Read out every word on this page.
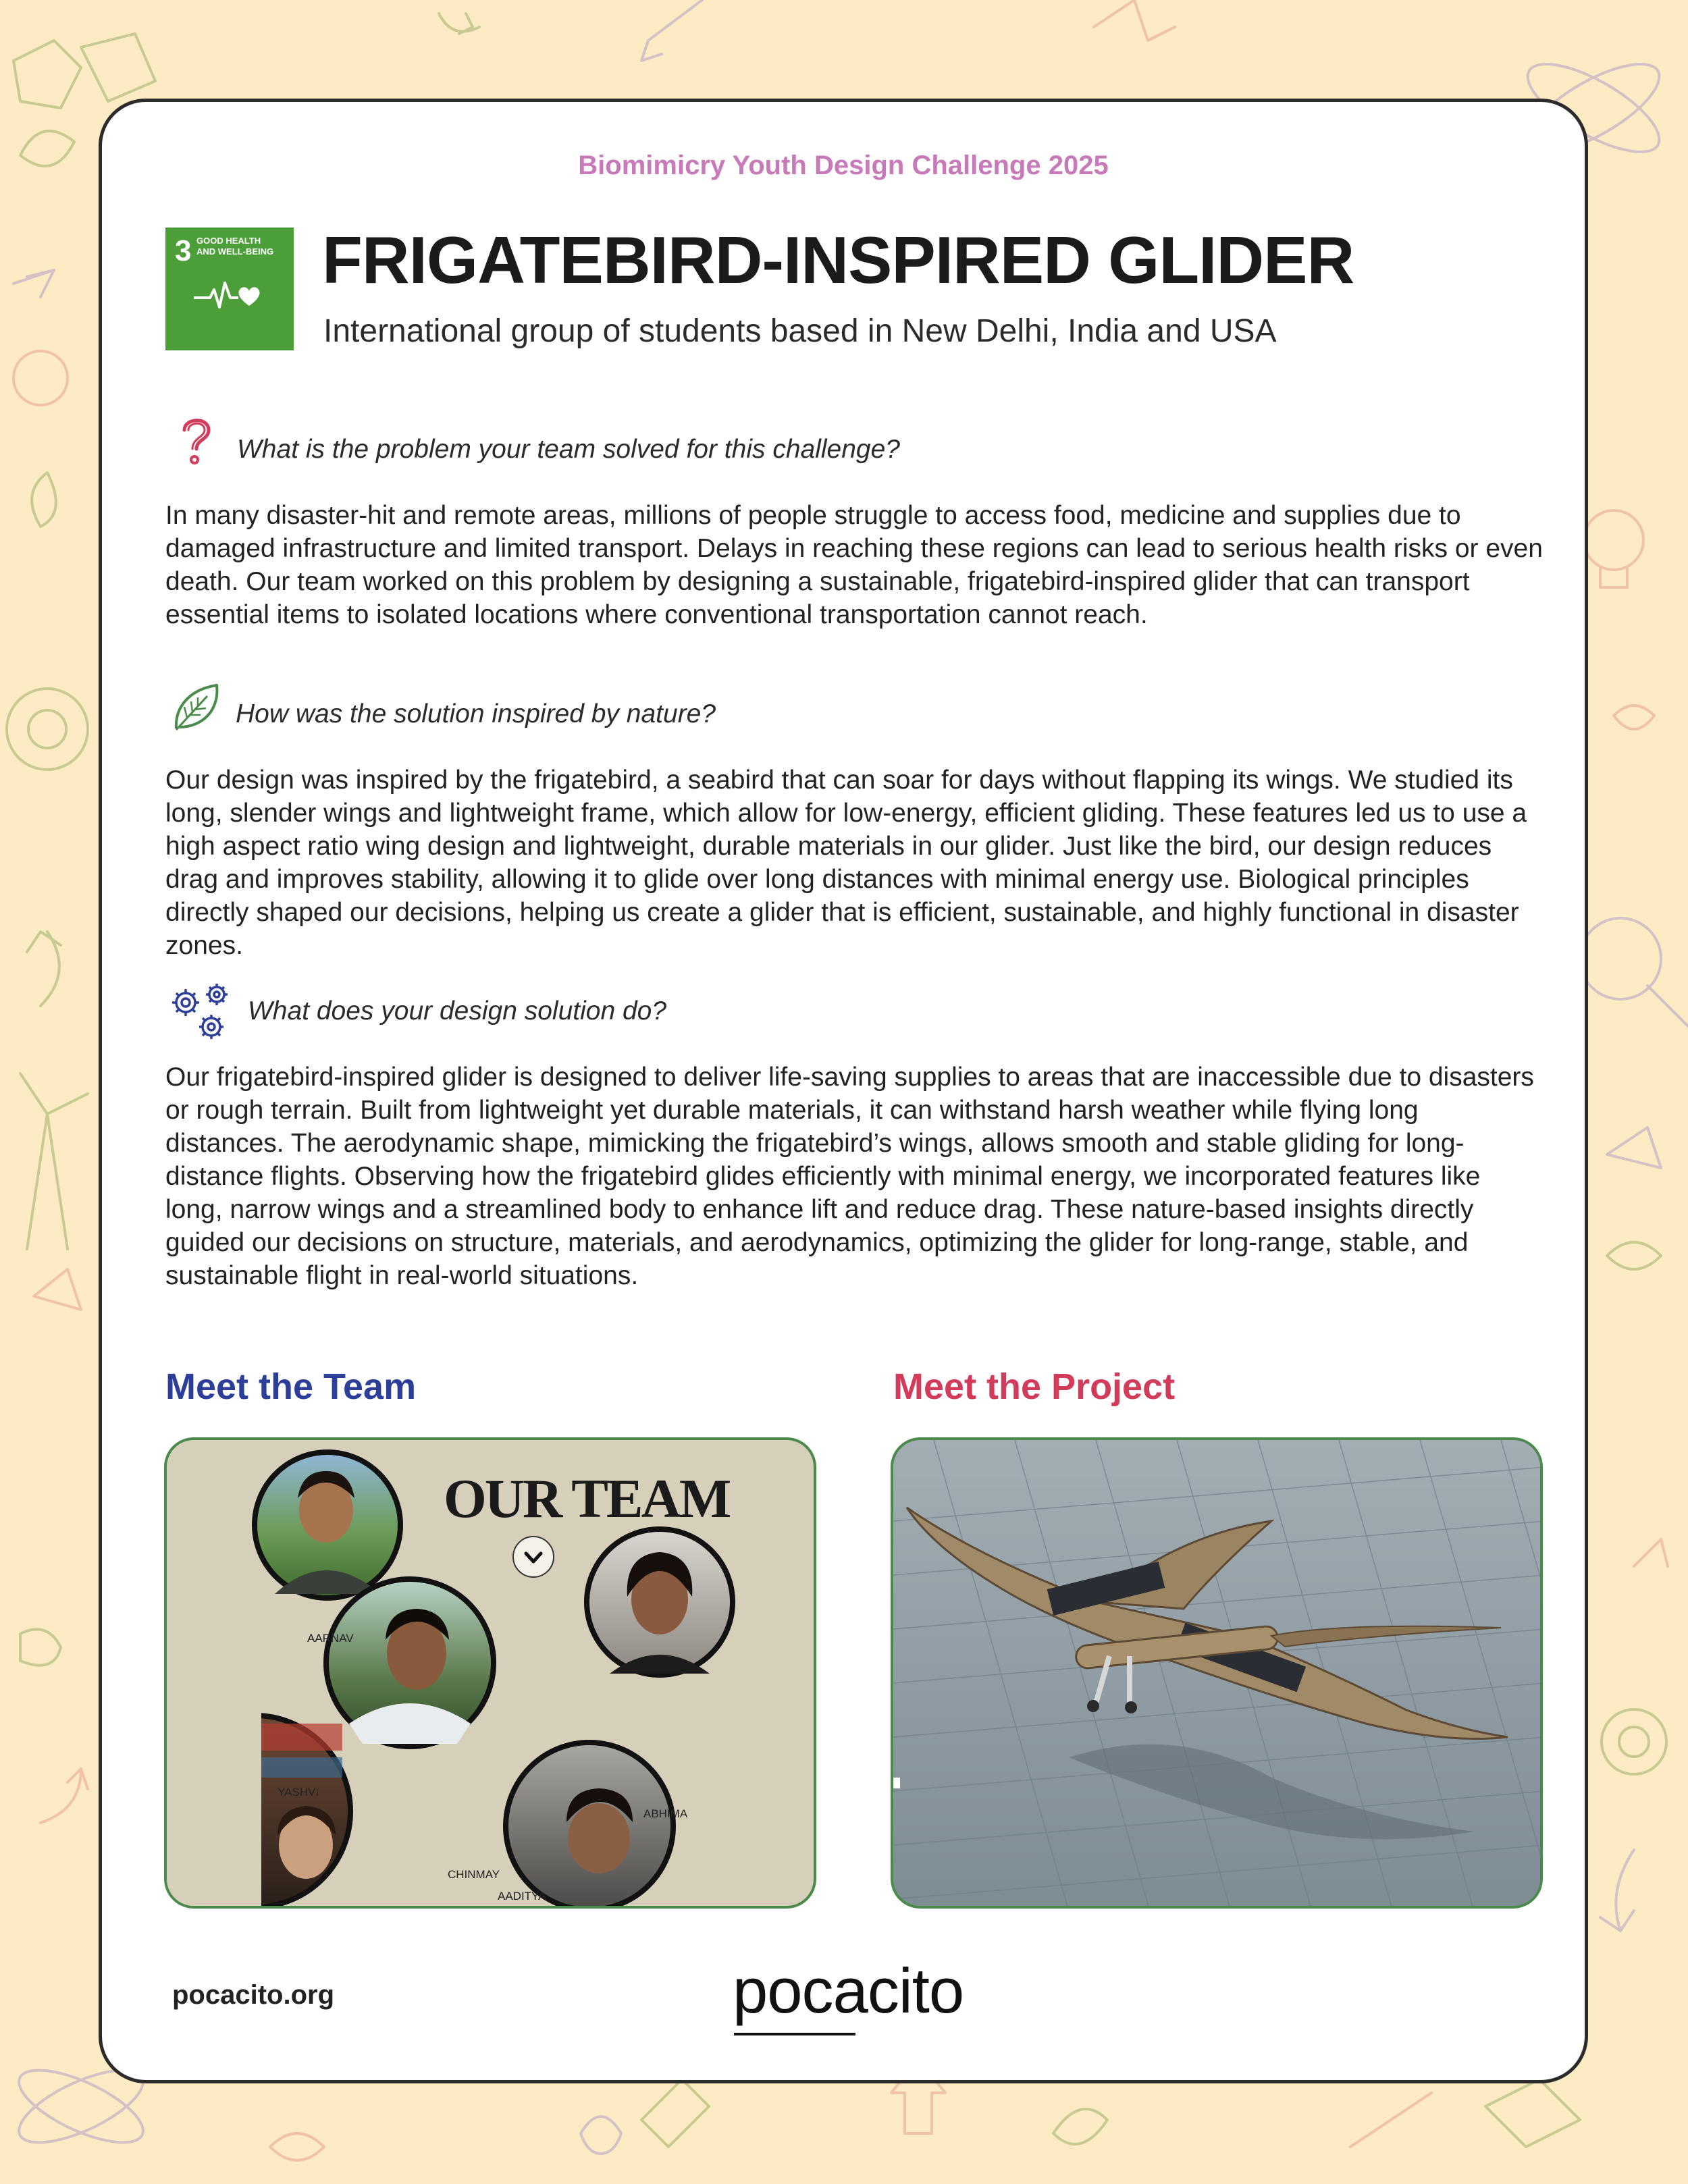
Biomimicry Youth Design Challenge 2025
3 GOOD HEALTH
AND WELL-BEING FRIGATEBIRD-INSPIRED GLIDER
International group of students based in New Delhi, India and USA
What is the problem your team solved for this challenge?
In many disaster-hit and remote areas, millions of people struggle to access food, medicine and supplies due to damaged infrastructure and limited transport. Delays in reaching these regions can lead to serious health risks or even death. Our team worked on this problem by designing a sustainable, frigatebird-inspired glider that can transport essential items to isolated locations where conventional transportation cannot reach.
How was the solution inspired by nature?
Our design was inspired by the frigatebird, a seabird that can soar for days without flapping its wings. We studied its long, slender wings and lightweight frame, which allow for low-energy, efficient gliding. These features led us to use a high aspect ratio wing design and lightweight, durable materials in our glider. Just like the bird, our design reduces drag and improves stability, allowing it to glide over long distances with minimal energy use. Biological principles directly shaped our decisions, helping us create a glider that is efficient, sustainable, and highly functional in disaster zones.
What does your design solution do?
Our frigatebird-inspired glider is designed to deliver life-saving supplies to areas that are inaccessible due to disasters or rough terrain. Built from lightweight yet durable materials, it can withstand harsh weather while flying long distances. The aerodynamic shape, mimicking the frigatebird’s wings, allows smooth and stable gliding for long-distance flights. Observing how the frigatebird glides efficiently with minimal energy, we incorporated features like long, narrow wings and a streamlined body to enhance lift and reduce drag. These nature-based insights directly guided our decisions on structure, materials, and aerodynamics, optimizing the glider for long-range, stable, and sustainable flight in real-world situations.
Meet the Team	Meet the Project
OUR TEAM
AARNAV
YASHVI
CHINMAY
ABHIMA
AADITYA
pocacito.org	pocacito
